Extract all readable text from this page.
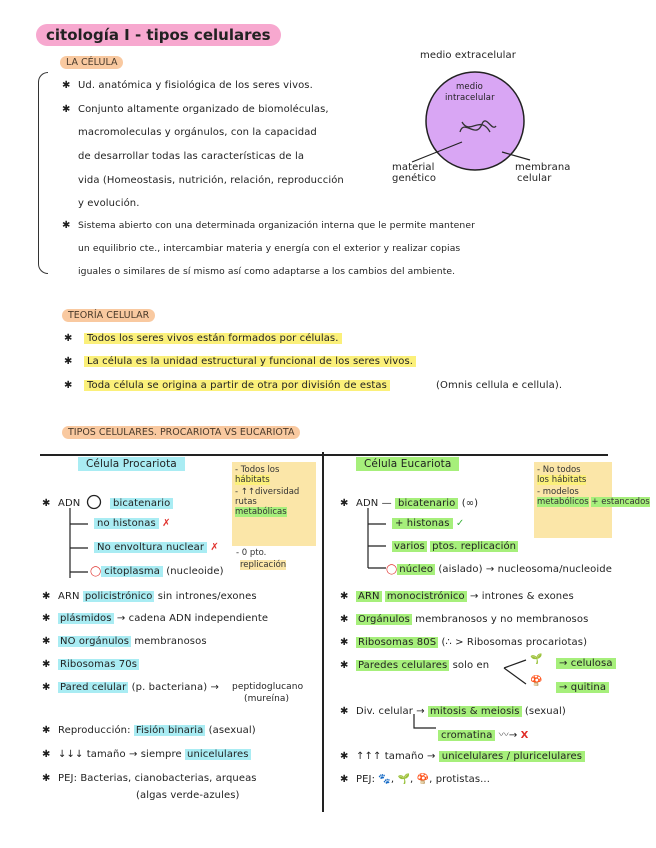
citología I - tipos celulares
LA CÉLULA
✱ Ud. anatómica y fisiológica de los seres vivos.
✱ Conjunto altamente organizado de biomoléculas,
macromoleculas y orgánulos, con la capacidad
de desarrollar todas las características de la
vida (Homeostasis, nutrición, relación, reproducción
y evolución.
✱ Sistema abierto con una determinada organización interna que le permite mantener
un equilibrio cte., intercambiar materia y energía con el exterior y realizar copias
iguales o similares de sí mismo así como adaptarse a los cambios del ambiente.
medio extracelular
medio
intracelular
material
genético
membrana
celular
TEORÍA CELULAR
✱	Todos los seres vivos están formados por células.
✱	La célula es la unidad estructural y funcional de los seres vivos.
✱	Toda célula se origina a partir de otra por división de estas	(Omnis cellula e cellula).
TIPOS CELULARES. PROCARIOTA VS EUCARIOTA
Célula Procariota	- Todos los
hábitats
- ↑↑diversidad
rutas
metabólicas
- 0 pto.
replicación
✱ ADN	bicatenario
no histonas ✗
No envoltura nuclear ✗
◯ citoplasma (nucleoide)
✱ ARN policistrónico sin intrones/exones
✱ plásmidos → cadena ADN independiente
✱ NO orgánulos membranosos
✱ Ribosomas 70s
✱ Pared celular (p. bacteriana) → peptidoglucano
(mureína)
✱ Reproducción: Fisión binaria (asexual)
✱ ↓↓↓ tamaño → siempre unicelulares
✱ PEJ: Bacterias, cianobacterias, arqueas
(algas verde-azules)
Célula Eucariota	- No todos
los hábitats
- modelos
metabólicos + estancados
✱ ADN — bicatenario (∞)
+ histonas ✓
varios ptos. replicación
◯ núcleo (aislado) → nucleosoma/nucleoide
✱ ARN monocistrónico → intrones & exones
✱ Orgánulos membranosos y no membranosos
✱ Ribosomas 80S (∴ > Ribosomas procariotas)
✱ Paredes celulares solo en
🌱	→ celulosa
🍄
→ quitina
✱ Div. celular → mitosis & meiosis (sexual)
cromatina 〰→ X
✱ ↑↑↑ tamaño → unicelulares / pluricelulares
✱ PEJ: 🐾, 🌱, 🍄, protistas...
